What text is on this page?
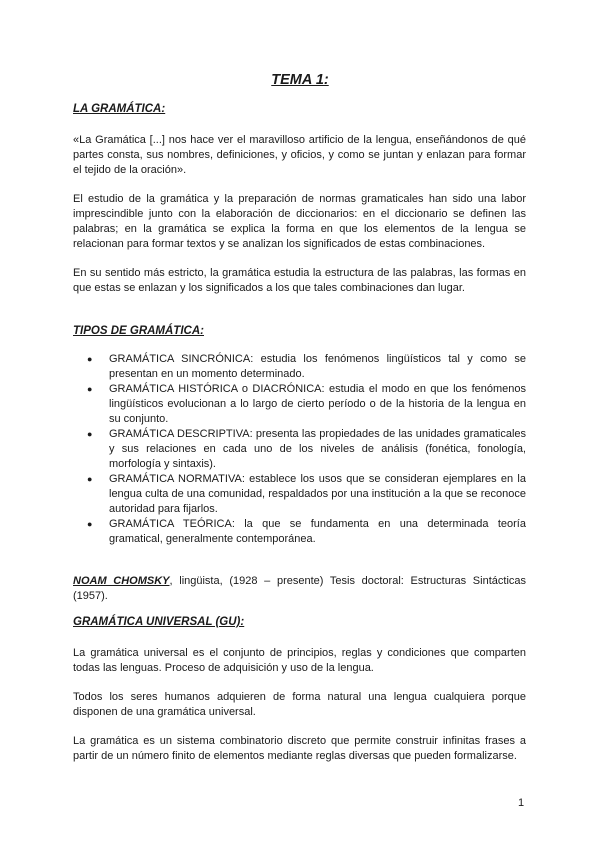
TEMA 1:
LA GRAMÁTICA:

«La Gramática [...] nos hace ver el maravilloso artificio de la lengua, enseñándonos de qué partes consta, sus nombres, definiciones, y oficios, y como se juntan y enlazan para formar el tejido de la oración».

El estudio de la gramática y la preparación de normas gramaticales han sido una labor imprescindible junto con la elaboración de diccionarios: en el diccionario se definen las palabras; en la gramática se explica la forma en que los elementos de la lengua se relacionan para formar textos y se analizan los significados de estas combinaciones.

En su sentido más estricto, la gramática estudia la estructura de las palabras, las formas en que estas se enlazan y los significados a los que tales combinaciones dan lugar.

TIPOS DE GRAMÁTICA:
● GRAMÁTICA SINCRÓNICA: estudia los fenómenos lingüísticos tal y como se presentan en un momento determinado.
● GRAMÁTICA HISTÓRICA o DIACRÓNICA: estudia el modo en que los fenómenos lingüísticos evolucionan a lo largo de cierto período o de la historia de la lengua en su conjunto.
● GRAMÁTICA DESCRIPTIVA: presenta las propiedades de las unidades gramaticales y sus relaciones en cada uno de los niveles de análisis (fonética, fonología, morfología y sintaxis).
● GRAMÁTICA NORMATIVA: establece los usos que se consideran ejemplares en la lengua culta de una comunidad, respaldados por una institución a la que se reconoce autoridad para fijarlos.
● GRAMÁTICA TEÓRICA: la que se fundamenta en una determinada teoría gramatical, generalmente contemporánea.

NOAM CHOMSKY, lingüista, (1928 – presente) Tesis doctoral: Estructuras Sintácticas (1957).

GRAMÁTICA UNIVERSAL (GU):

La gramática universal es el conjunto de principios, reglas y condiciones que comparten todas las lenguas. Proceso de adquisición y uso de la lengua.

Todos los seres humanos adquieren de forma natural una lengua cualquiera porque disponen de una gramática universal.

La gramática es un sistema combinatorio discreto que permite construir infinitas frases a partir de un número finito de elementos mediante reglas diversas que pueden formalizarse.

1
